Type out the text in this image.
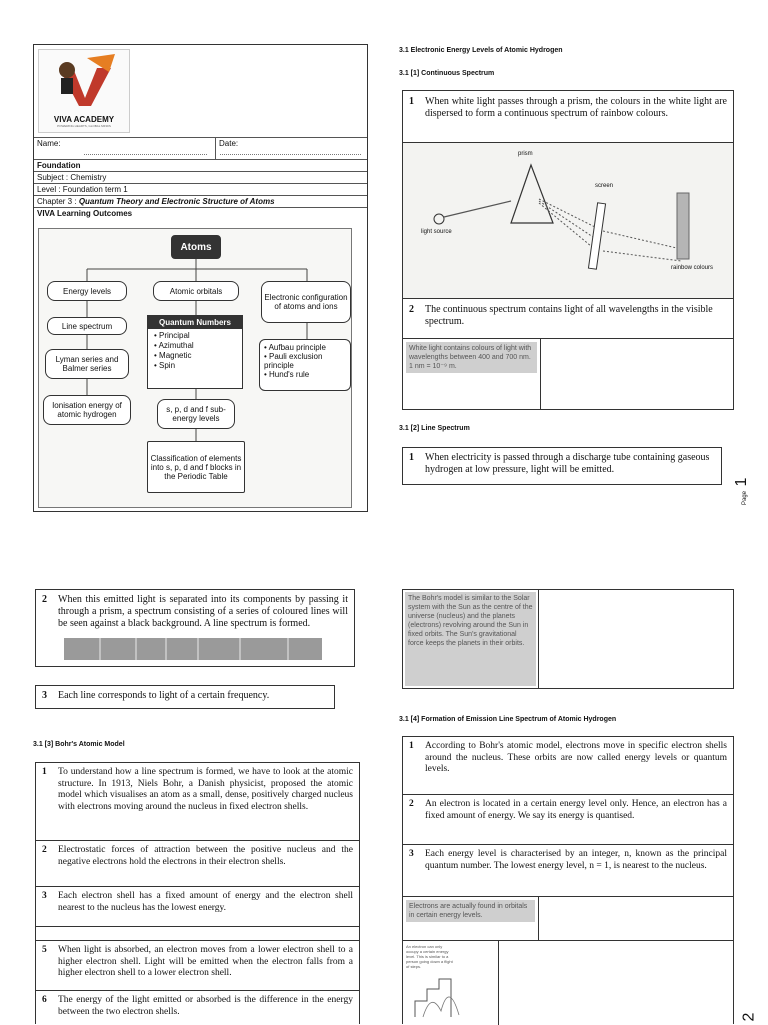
VIVA ACADEMY
POWERING HEARTS, GLOBAL MINDS
Name:	Date:
Foundation
Subject : Chemistry
Level : Foundation term 1
Chapter 3 : Quantum Theory and Electronic Structure of Atoms
VIVA Learning Outcomes
Atoms
Energy levels	Atomic orbitals
Electronic configuration of atoms and ions
Line spectrum	Quantum Numbers
• Principal
• Azimuthal
• Magnetic
• Spin
Lyman series and Balmer series
• Aufbau principle
• Pauli exclusion principle
• Hund's rule
Ionisation energy of atomic hydrogen
s, p, d and f sub-energy levels
Classification of elements into s, p, d and f blocks in the Periodic Table
3.1 Electronic Energy Levels of Atomic Hydrogen
3.1 [1] Continuous Spectrum
1	When white light passes through a prism, the colours in the white light are dispersed to form a continuous spectrum of rainbow colours.
prism
screen
light source
rainbow colours
2	The continuous spectrum contains light of all wavelengths in the visible spectrum.
White light contains colours of light with wavelengths between 400 and 700 nm. 1 nm = 10⁻⁹ m.
3.1 [2] Line Spectrum
1	When electricity is passed through a discharge tube containing gaseous hydrogen at low pressure, light will be emitted.
Page 1
2	When this emitted light is separated into its components by passing it through a prism, a spectrum consisting of a series of coloured lines will be seen against a black background. A line spectrum is formed.
3	Each line corresponds to light of a certain frequency.
3.1 [3] Bohr's Atomic Model
1	To understand how a line spectrum is formed, we have to look at the atomic structure. In 1913, Niels Bohr, a Danish physicist, proposed the atomic model which visualises an atom as a small, dense, positively charged nucleus with electrons moving around the nucleus in fixed electron shells.
2	Electrostatic forces of attraction between the positive nucleus and the negative electrons hold the electrons in their electron shells.
3	Each electron shell has a fixed amount of energy and the electron shell nearest to the nucleus has the lowest energy.
5	When light is absorbed, an electron moves from a lower electron shell to a higher electron shell. Light will be emitted when the electron falls from a higher electron shell to a lower electron shell.
6	The energy of the light emitted or absorbed is the difference in the energy between the two electron shells.
The Bohr's model is similar to the Solar system with the Sun as the centre of the universe (nucleus) and the planets (electrons) revolving around the Sun in fixed orbits. The Sun's gravitational force keeps the planets in their orbits.
3.1 [4] Formation of Emission Line Spectrum of Atomic Hydrogen
1	According to Bohr's atomic model, electrons move in specific electron shells around the nucleus. These orbits are now called energy levels or quantum levels.
2	An electron is located in a certain energy level only. Hence, an electron has a fixed amount of energy. We say its energy is quantised.
3	Each energy level is characterised by an integer, n, known as the principal quantum number. The lowest energy level, n = 1, is nearest to the nucleus.
Electrons are actually found in orbitals in certain energy levels.
An electron can only occupy a certain energy level. This is similar to a person going down a flight of steps.
2
